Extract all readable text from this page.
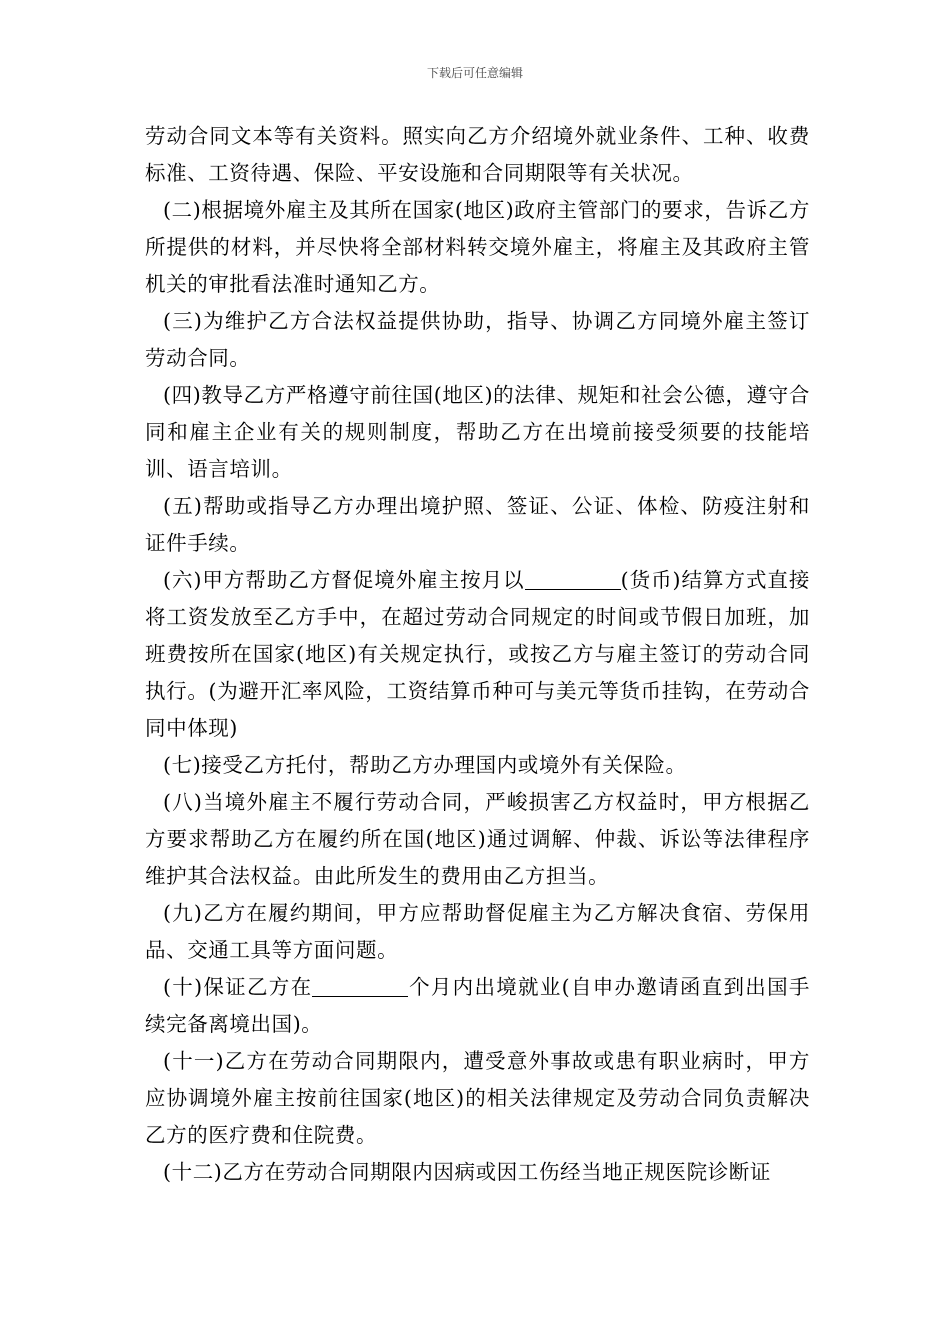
下载后可任意编辑

劳动合同文本等有关资料。照实向乙方介绍境外就业条件、工种、收费标准、工资待遇、保险、平安设施和合同期限等有关状况。

(二)根据境外雇主及其所在国家(地区)政府主管部门的要求，告诉乙方所提供的材料，并尽快将全部材料转交境外雇主，将雇主及其政府主管机关的审批看法准时通知乙方。

(三)为维护乙方合法权益提供协助，指导、协调乙方同境外雇主签订劳动合同。

(四)教导乙方严格遵守前往国(地区)的法律、规矩和社会公德，遵守合同和雇主企业有关的规则制度，帮助乙方在出境前接受须要的技能培训、语言培训。

(五)帮助或指导乙方办理出境护照、签证、公证、体检、防疫注射和证件手续。

(六)甲方帮助乙方督促境外雇主按月以	(货币)结算方式直接将工资发放至乙方手中，在超过劳动合同规定的时间或节假日加班，加班费按所在国家(地区)有关规定执行，或按乙方与雇主签订的劳动合同执行。(为避开汇率风险，工资结算币种可与美元等货币挂钩，在劳动合同中体现)

(七)接受乙方托付，帮助乙方办理国内或境外有关保险。

(八)当境外雇主不履行劳动合同，严峻损害乙方权益时，甲方根据乙方要求帮助乙方在履约所在国(地区)通过调解、仲裁、诉讼等法律程序维护其合法权益。由此所发生的费用由乙方担当。

(九)乙方在履约期间，甲方应帮助督促雇主为乙方解决食宿、劳保用品、交通工具等方面问题。

(十)保证乙方在	个月内出境就业(自申办邀请函直到出国手续完备离境出国)。

(十一)乙方在劳动合同期限内，遭受意外事故或患有职业病时，甲方应协调境外雇主按前往国家(地区)的相关法律规定及劳动合同负责解决乙方的医疗费和住院费。

(十二)乙方在劳动合同期限内因病或因工伤经当地正规医院诊断证
